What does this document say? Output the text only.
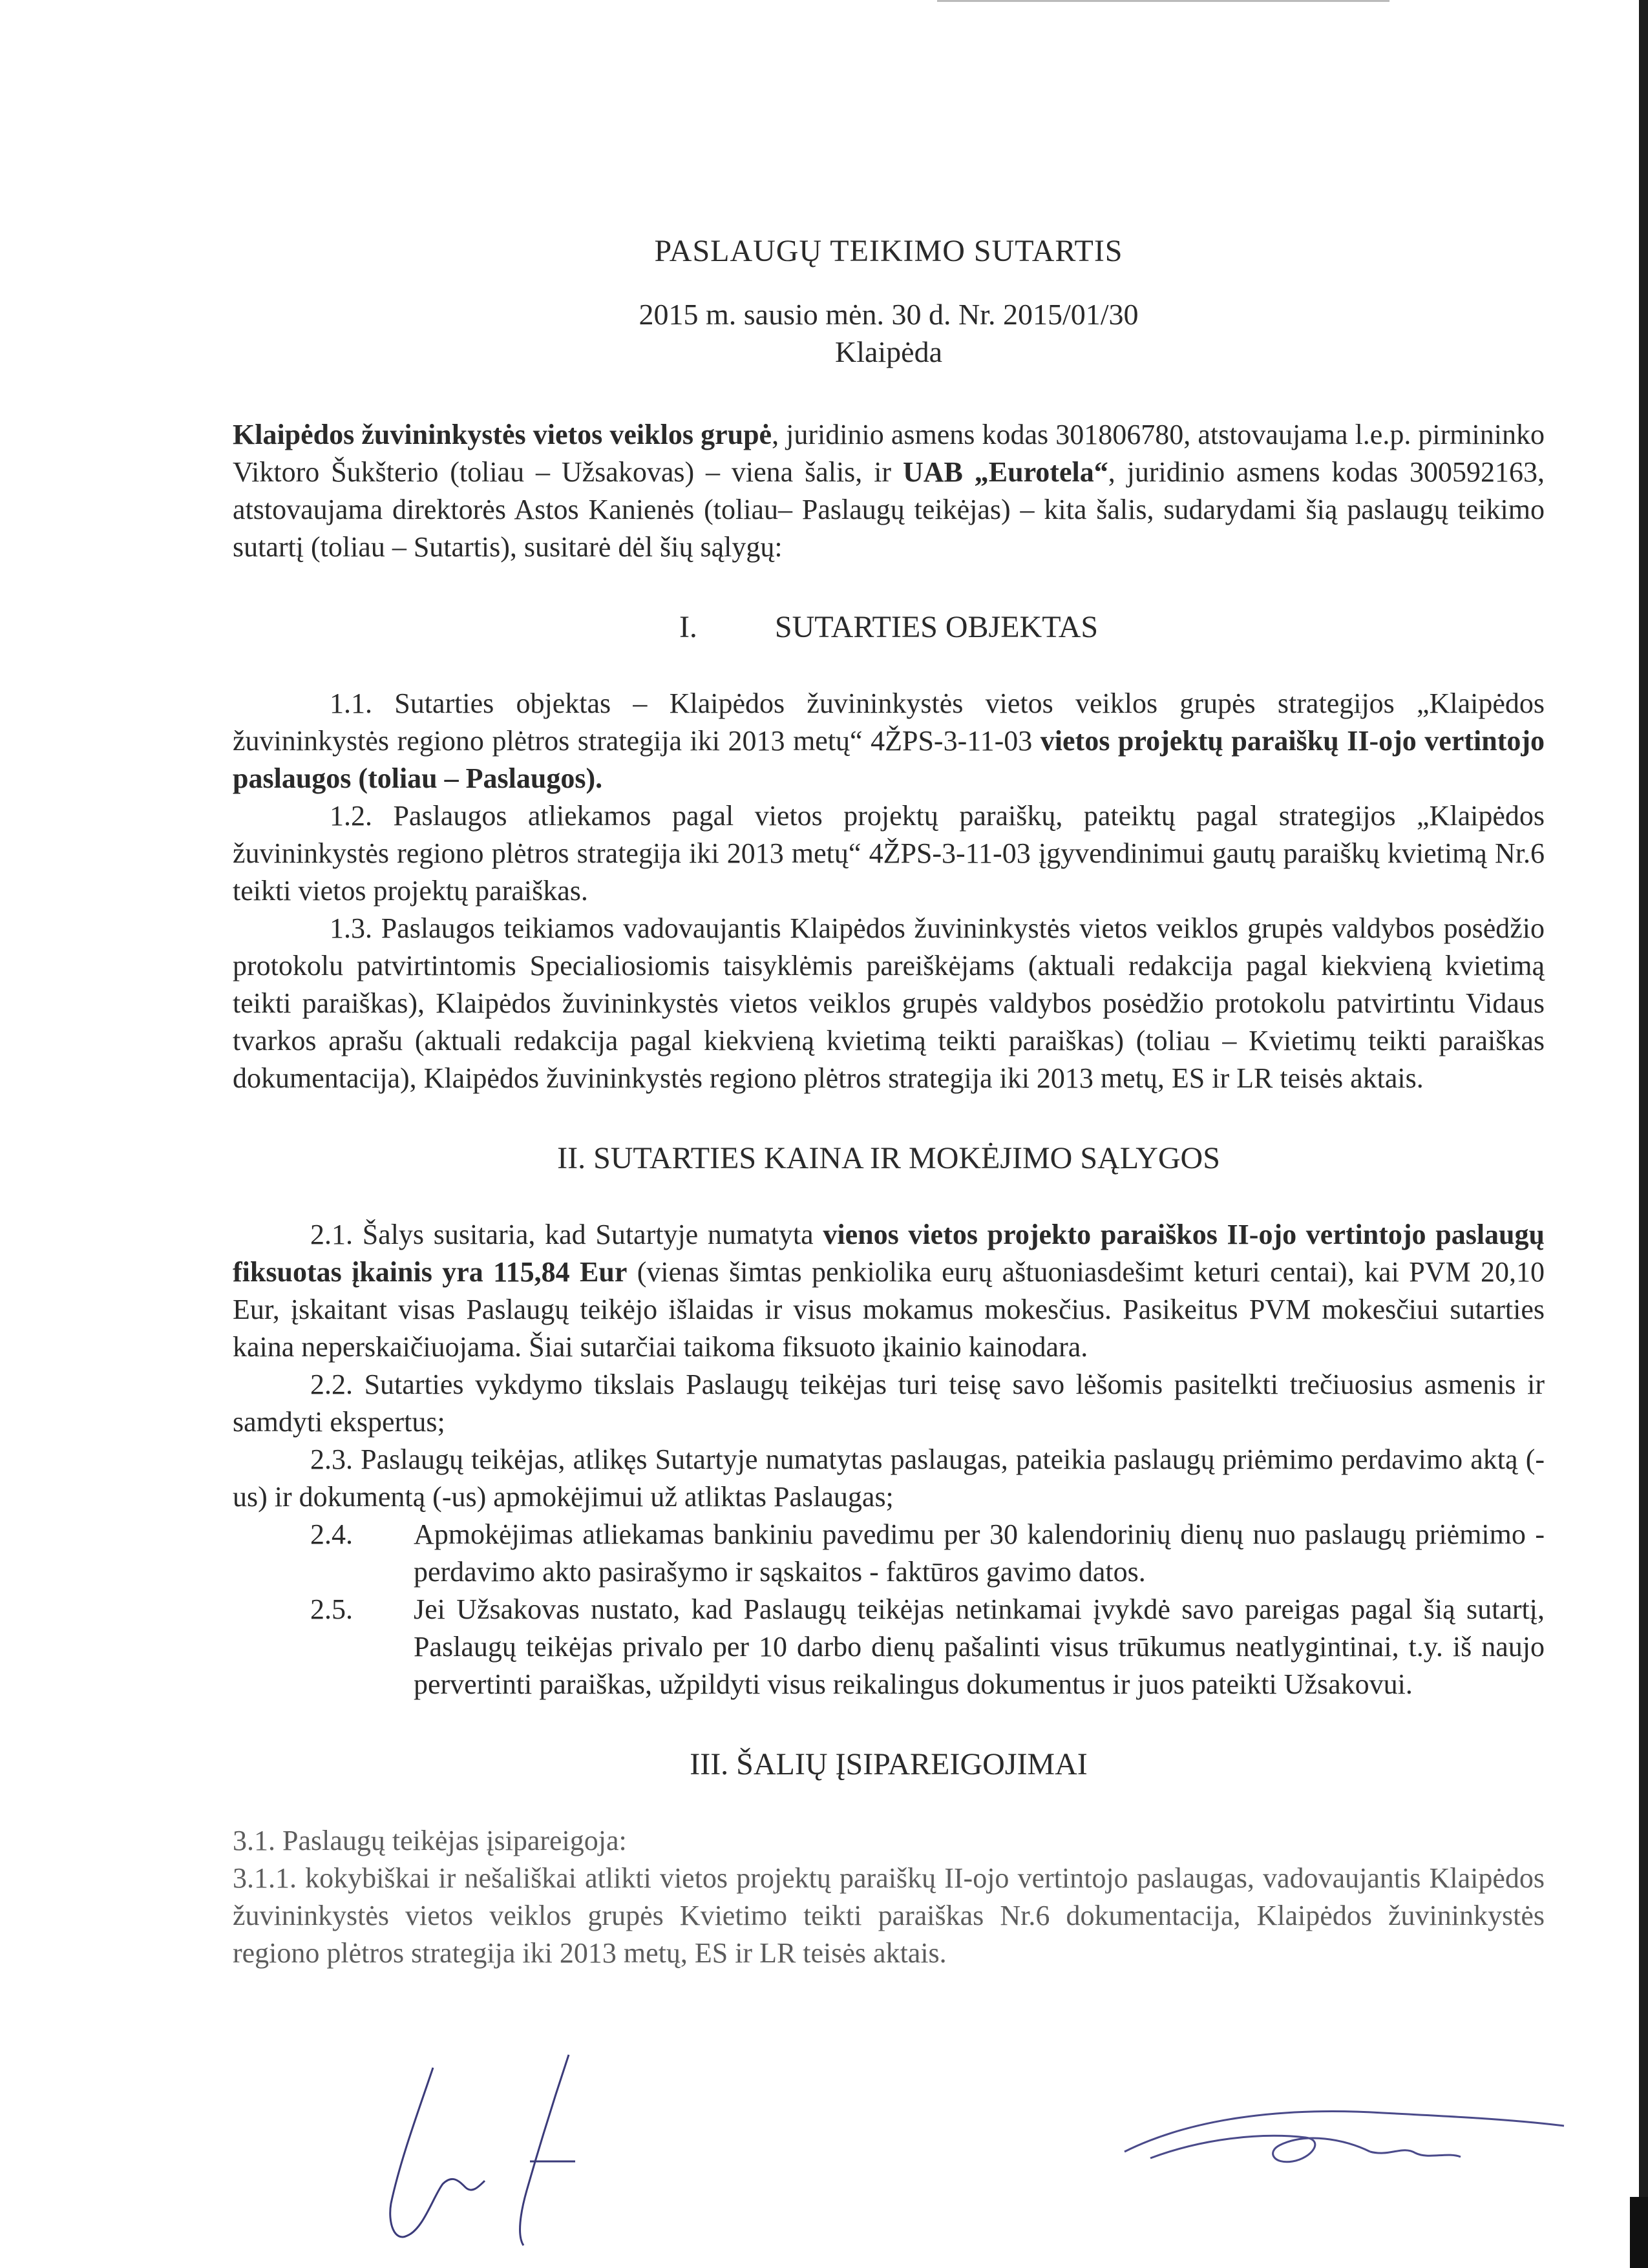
PASLAUGŲ TEIKIMO SUTARTIS
2015 m. sausio mėn. 30 d. Nr. 2015/01/30
Klaipėda

Klaipėdos žuvininkystės vietos veiklos grupė, juridinio asmens kodas 301806780, atstovaujama l.e.p. pirmininko Viktoro Šukšterio (toliau – Užsakovas) – viena šalis, ir UAB „Eurotela“, juridinio asmens kodas 300592163, atstovaujama direktorės Astos Kanienės (toliau– Paslaugų teikėjas) – kita šalis, sudarydami šią paslaugų teikimo sutartį (toliau – Sutartis), susitarė dėl šių sąlygų:

I.	SUTARTIES OBJEKTAS

1.1. Sutarties objektas – Klaipėdos žuvininkystės vietos veiklos grupės strategijos „Klaipėdos žuvininkystės regiono plėtros strategija iki 2013 metų“ 4ŽPS-3-11-03 vietos projektų paraiškų II-ojo vertintojo paslaugos (toliau – Paslaugos).

1.2. Paslaugos atliekamos pagal vietos projektų paraiškų, pateiktų pagal strategijos „Klaipėdos žuvininkystės regiono plėtros strategija iki 2013 metų“ 4ŽPS-3-11-03 įgyvendinimui gautų paraiškų kvietimą Nr.6 teikti vietos projektų paraiškas.

1.3. Paslaugos teikiamos vadovaujantis Klaipėdos žuvininkystės vietos veiklos grupės valdybos posėdžio protokolu patvirtintomis Specialiosiomis taisyklėmis pareiškėjams (aktuali redakcija pagal kiekvieną kvietimą teikti paraiškas), Klaipėdos žuvininkystės vietos veiklos grupės valdybos posėdžio protokolu patvirtintu Vidaus tvarkos aprašu (aktuali redakcija pagal kiekvieną kvietimą teikti paraiškas) (toliau – Kvietimų teikti paraiškas dokumentacija), Klaipėdos žuvininkystės regiono plėtros strategija iki 2013 metų, ES ir LR teisės aktais.

II. SUTARTIES KAINA IR MOKĖJIMO SĄLYGOS

2.1. Šalys susitaria, kad Sutartyje numatyta vienos vietos projekto paraiškos II-ojo vertintojo paslaugų fiksuotas įkainis yra 115,84 Eur (vienas šimtas penkiolika eurų aštuoniasdešimt keturi centai), kai PVM 20,10 Eur, įskaitant visas Paslaugų teikėjo išlaidas ir visus mokamus mokesčius. Pasikeitus PVM mokesčiui sutarties kaina neperskaičiuojama. Šiai sutarčiai taikoma fiksuoto įkainio kainodara.

2.2. Sutarties vykdymo tikslais Paslaugų teikėjas turi teisę savo lėšomis pasitelkti trečiuosius asmenis ir samdyti ekspertus;

2.3. Paslaugų teikėjas, atlikęs Sutartyje numatytas paslaugas, pateikia paslaugų priėmimo perdavimo aktą (-us) ir dokumentą (-us) apmokėjimui už atliktas Paslaugas;

2.4.	Apmokėjimas atliekamas bankiniu pavedimu per 30 kalendorinių dienų nuo paslaugų priėmimo - perdavimo akto pasirašymo ir sąskaitos - faktūros gavimo datos.
2.5.	Jei Užsakovas nustato, kad Paslaugų teikėjas netinkamai įvykdė savo pareigas pagal šią sutartį, Paslaugų teikėjas privalo per 10 darbo dienų pašalinti visus trūkumus neatlygintinai, t.y. iš naujo pervertinti paraiškas, užpildyti visus reikalingus dokumentus ir juos pateikti Užsakovui.
III. ŠALIŲ ĮSIPAREIGOJIMAI

3.1. Paslaugų teikėjas įsipareigoja:

3.1.1. kokybiškai ir nešališkai atlikti vietos projektų paraiškų II-ojo vertintojo paslaugas, vadovaujantis Klaipėdos žuvininkystės vietos veiklos grupės Kvietimo teikti paraiškas Nr.6 dokumentacija, Klaipėdos žuvininkystės regiono plėtros strategija iki 2013 metų, ES ir LR teisės aktais.
